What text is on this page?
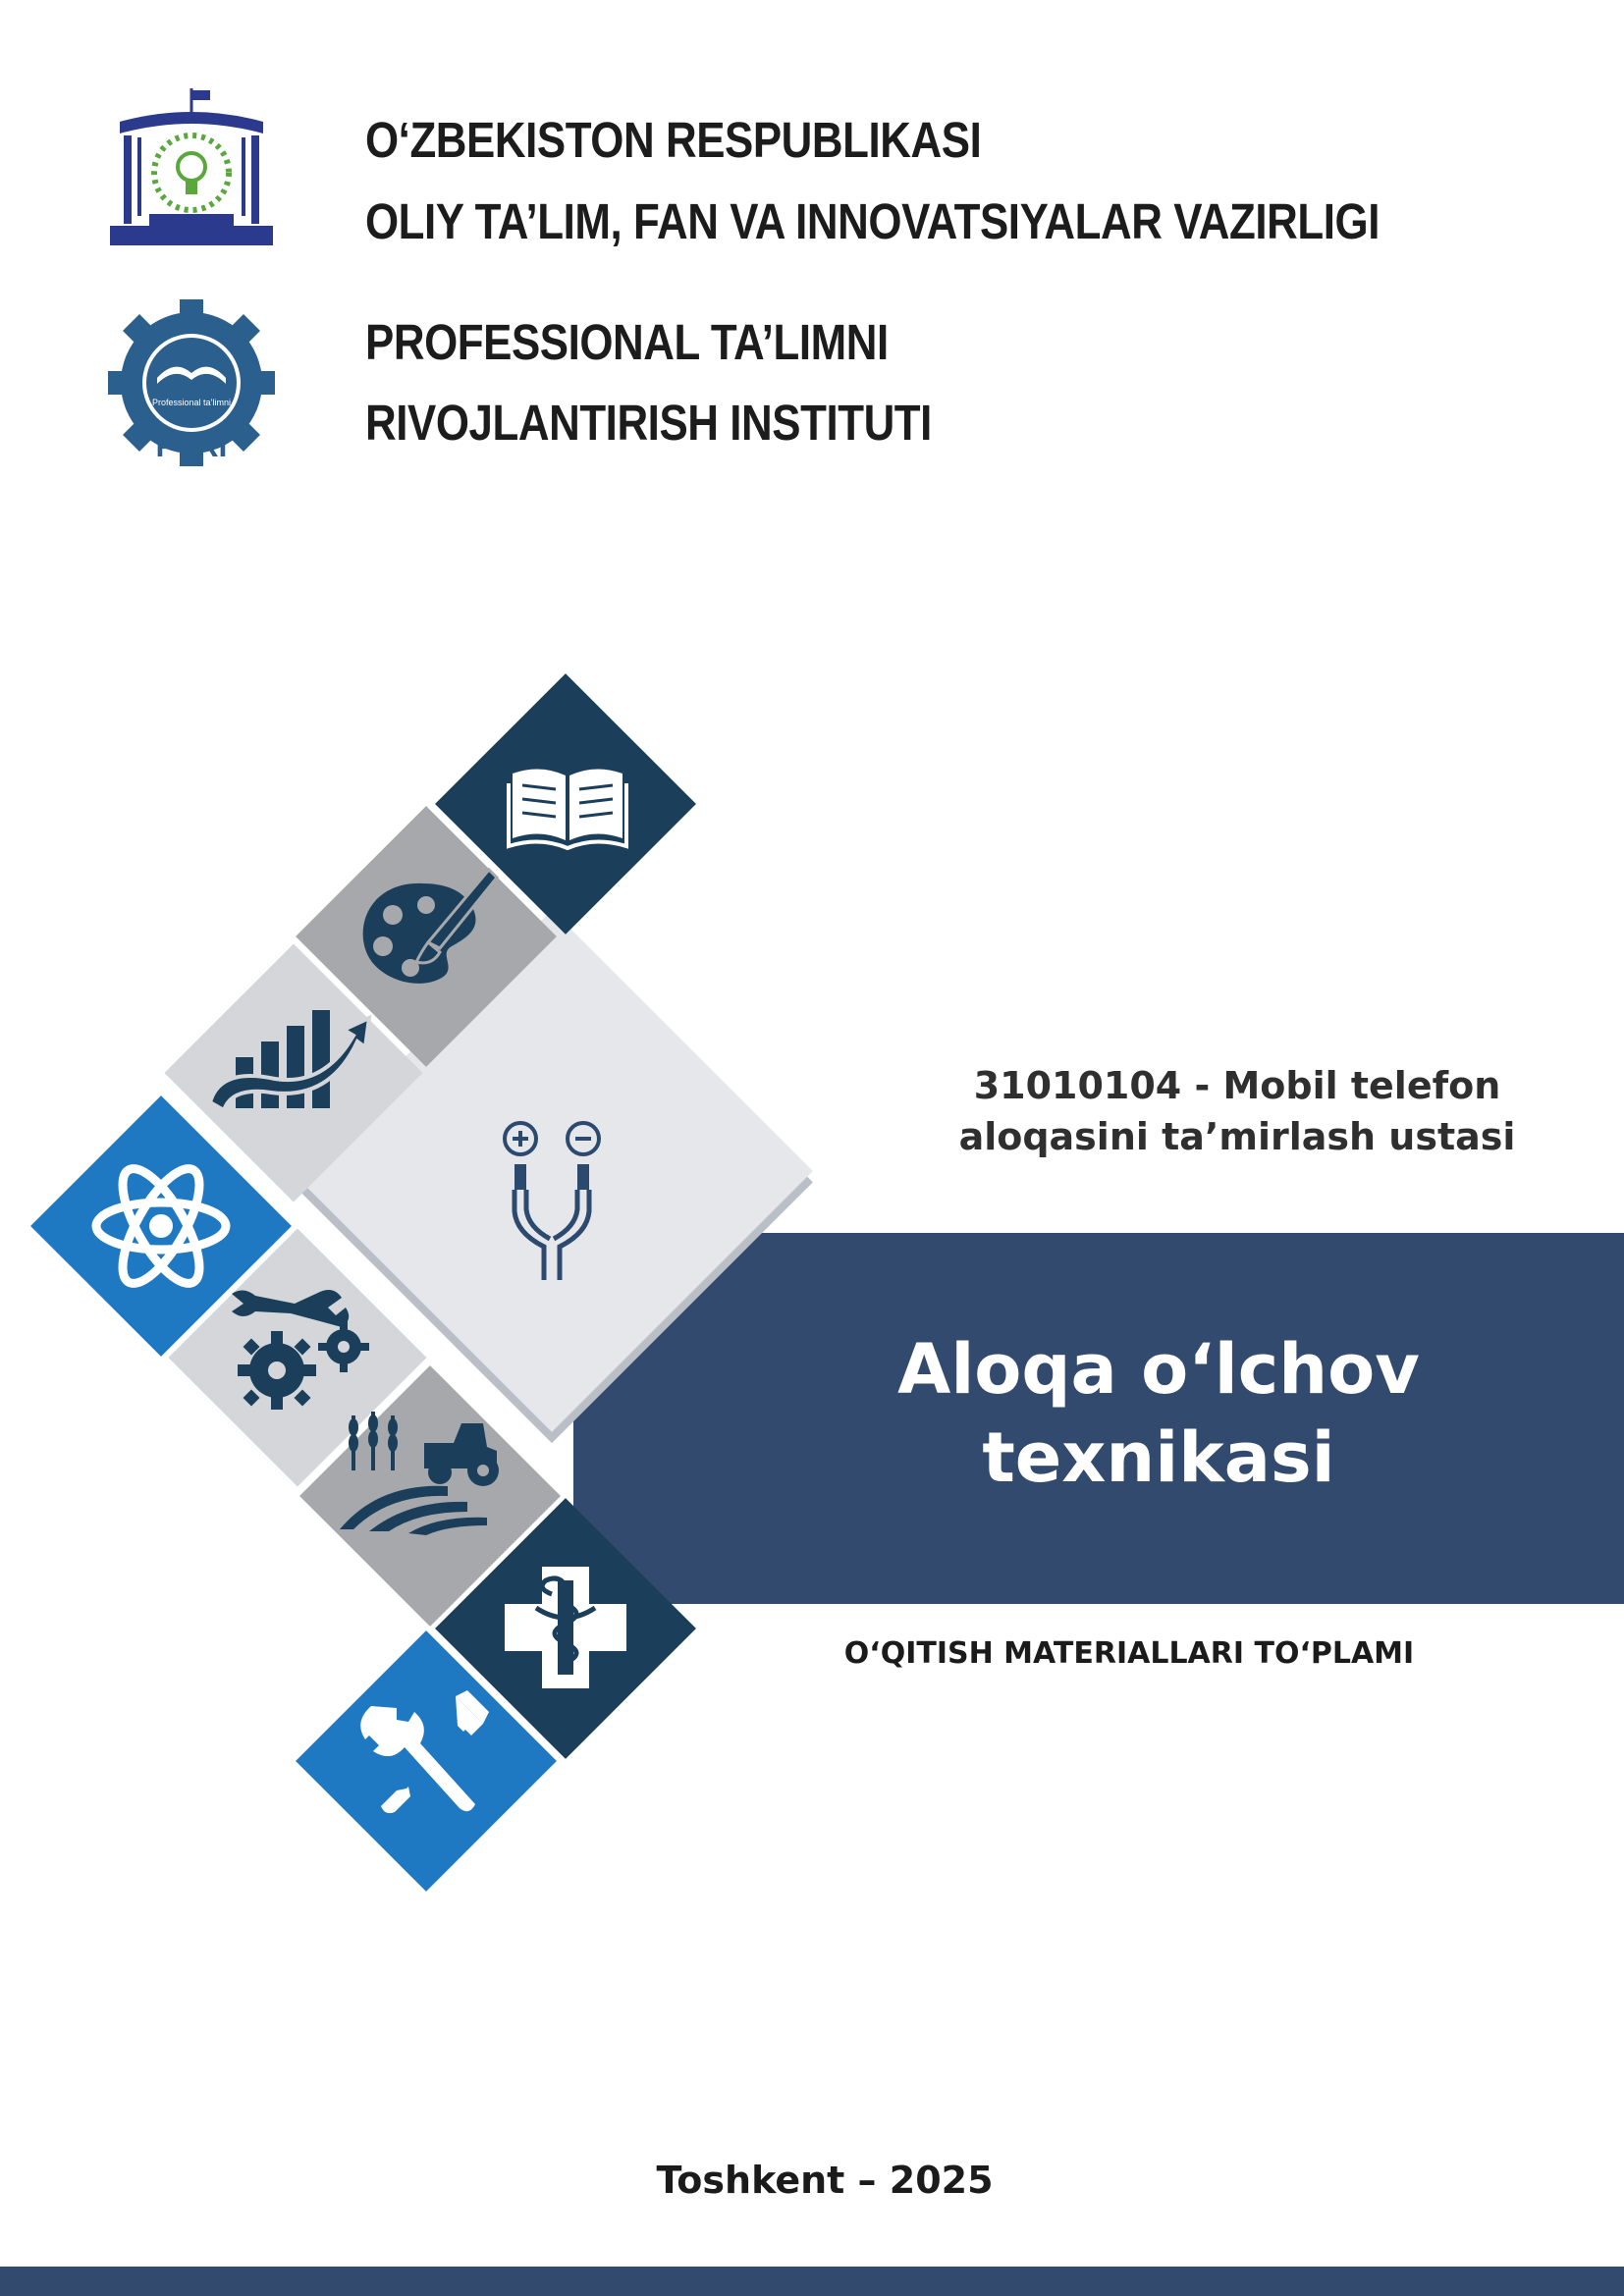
Professional ta’limni
PTRI
O‘ZBEKISTON RESPUBLIKASI
OLIY TA’LIM, FAN VA INNOVATSIYALAR VAZIRLIGI
PROFESSIONAL TA’LIMNI
RIVOJLANTIRISH INSTITUTI
31010104 - Mobil telefon
aloqasini ta’mirlash ustasi
Aloqa o‘lchov
texnikasi
O‘QITISH MATERIALLARI TO‘PLAMI
Toshkent – 2025
